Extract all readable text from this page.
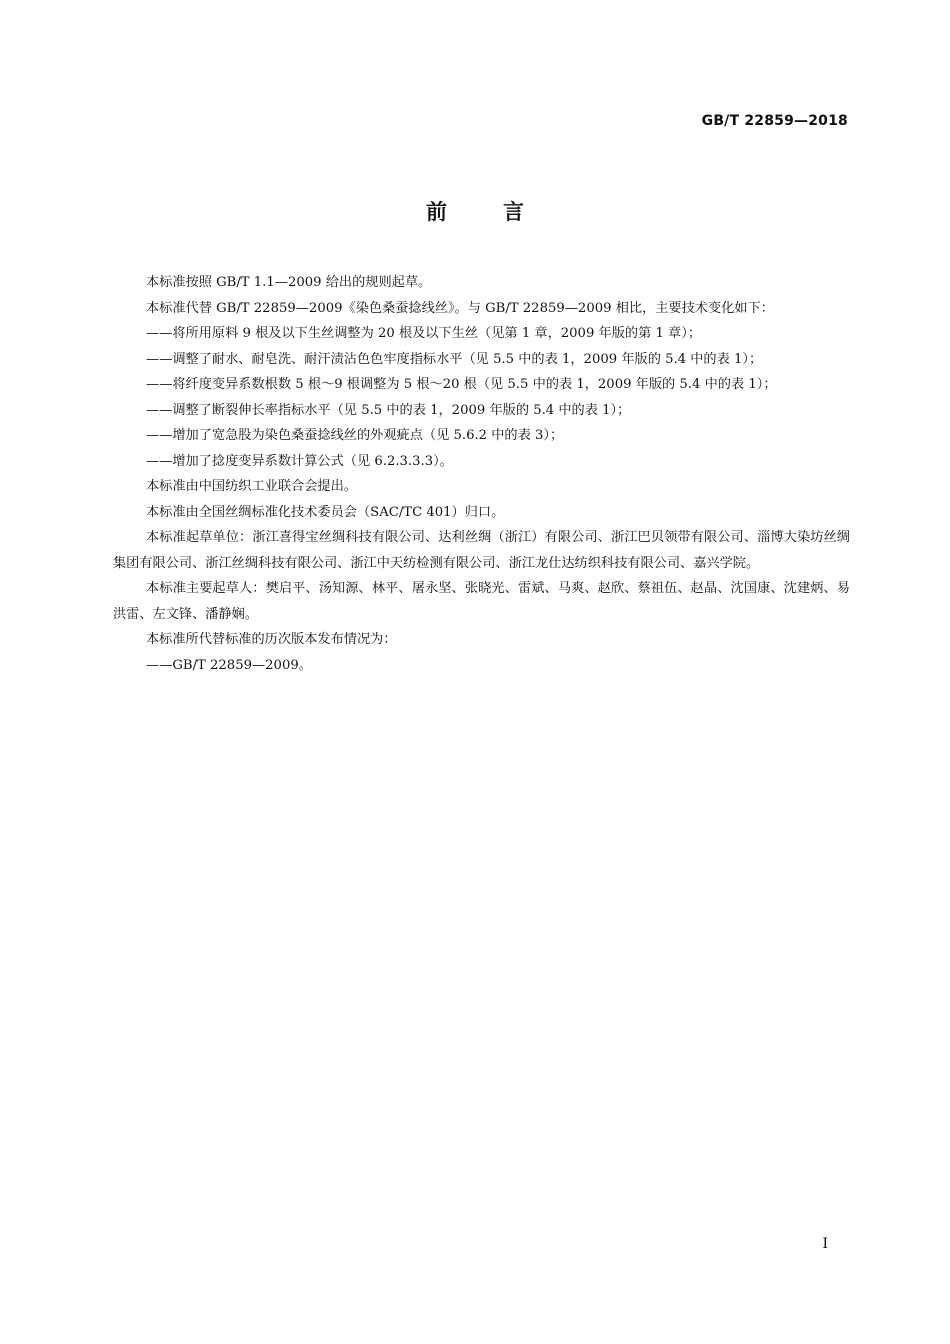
GB/T 22859—2018
前言

本标准按照 GB/T 1.1—2009 给出的规则起草。

本标准代替 GB/T 22859—2009《染色桑蚕捻线丝》。与 GB/T 22859—2009 相比，主要技术变化如下：

——将所用原料 9 根及以下生丝调整为 20 根及以下生丝（见第 1 章，2009 年版的第 1 章）；

——调整了耐水、耐皂洗、耐汗渍沾色色牢度指标水平（见 5.5 中的表 1，2009 年版的 5.4 中的表 1）；

——将纤度变异系数根数 5 根～9 根调整为 5 根～20 根（见 5.5 中的表 1，2009 年版的 5.4 中的表 1）；

——调整了断裂伸长率指标水平（见 5.5 中的表 1，2009 年版的 5.4 中的表 1）；

——增加了宽急股为染色桑蚕捻线丝的外观疵点（见 5.6.2 中的表 3）；

——增加了捻度变异系数计算公式（见 6.2.3.3.3）。

本标准由中国纺织工业联合会提出。

本标准由全国丝绸标准化技术委员会（SAC/TC 401）归口。

本标准起草单位：浙江喜得宝丝绸科技有限公司、达利丝绸（浙江）有限公司、浙江巴贝领带有限公司、淄博大染坊丝绸集团有限公司、浙江丝绸科技有限公司、浙江中天纺检测有限公司、浙江龙仕达纺织科技有限公司、嘉兴学院。

本标准主要起草人：樊启平、汤知源、林平、屠永坚、张晓光、雷斌、马爽、赵欣、蔡祖伍、赵晶、沈国康、沈建炳、易洪雷、左文锋、潘静娴。

本标准所代替标准的历次版本发布情况为：

——GB/T 22859—2009。

I
